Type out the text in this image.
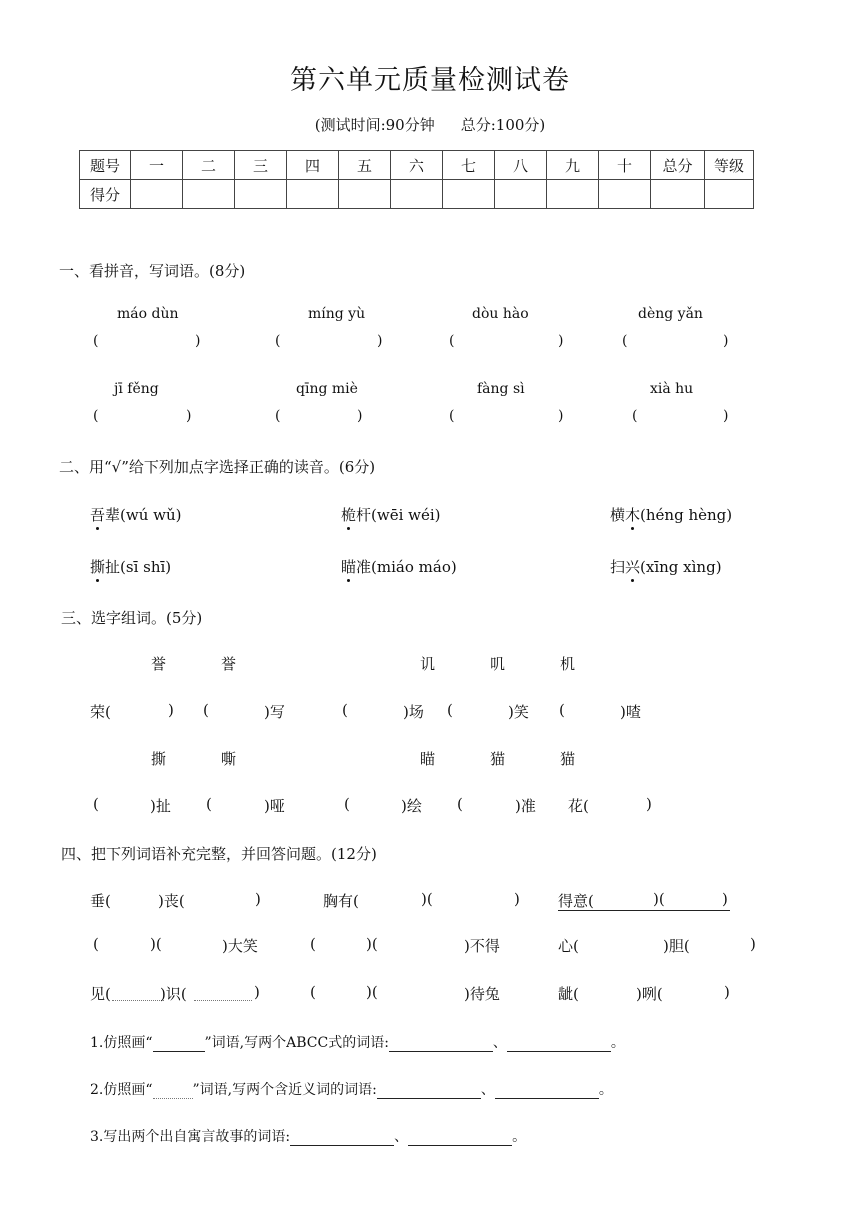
第六单元质量检测试卷
(测试时间:90分钟 总分:100分)
题号	一	二	三	四	五	六	七	八	九	十	总分	等级
得分												
一、看拼音，写词语。(8分)
máo dùn	míng yù	dòu hào	dèng yǎn
(	)	(	)	(	)	(	)
jī fěng	qīng miè	fàng sì	xià hu
(	)	(	)	(	)	(	)
二、用“√”给下列加点字选择正确的读音。(6分)
吾辈(wú wǔ)	桅杆(wēi wéi)	横木(héng hèng)
撕扯(sī shī)	瞄准(miáo máo)	扫兴(xīng xìng)
三、选字组词。(5分)
誉	誉	讥	叽	机
荣(	) (	)写	(	)场 (	)笑 (	)喳
撕	嘶	瞄	猫	猫
(	)扯 (	)哑	(	)绘 (	)准 花(	)
四、把下列词语补充完整，并回答问题。(12分)
垂(	)丧(	)	胸有(	)(	)	得意(	)(	)
(	)(	)大笑	(	)(	)不得	心(	)胆(	)
见(	)识(	)	(	)(	)待兔	龇(	)咧(	)
1.仿照画“	”词语,写两个ABCC式的词语:	、	。
2.仿照画“	”词语,写两个含近义词的词语:	、	。
3.写出两个出自寓言故事的词语:	、	。
